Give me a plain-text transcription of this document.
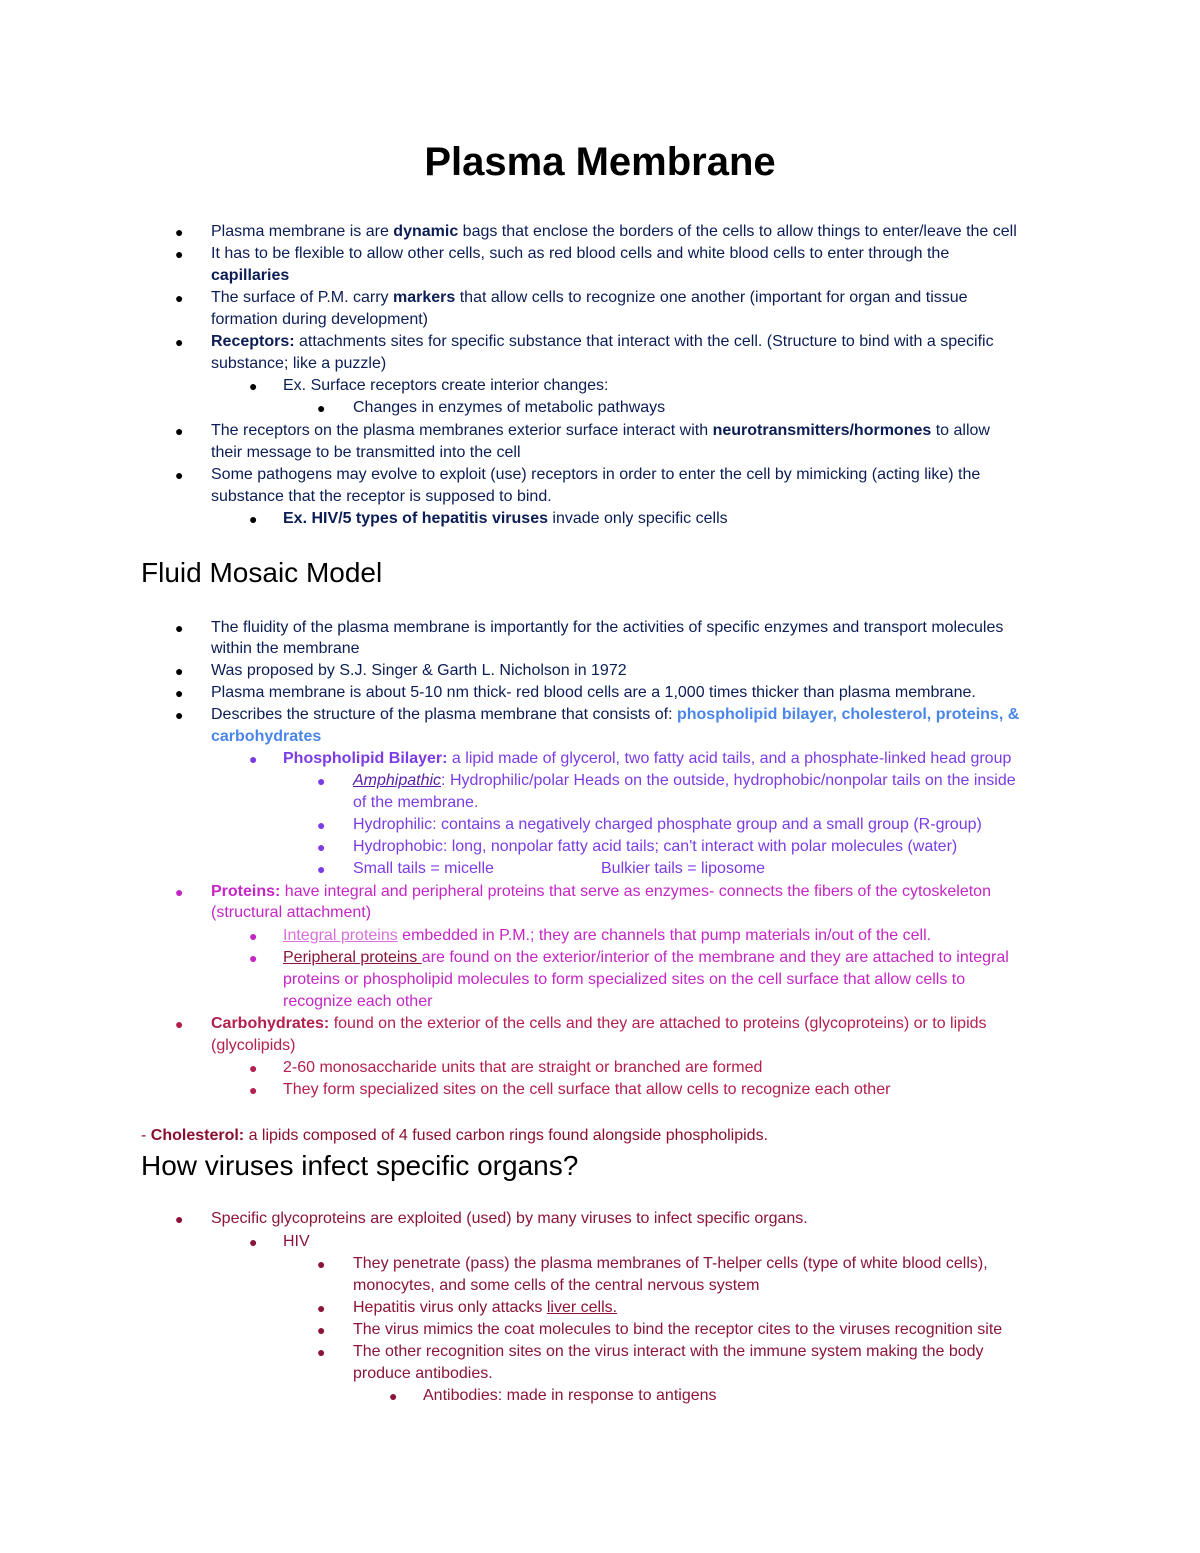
Plasma Membrane
● Plasma membrane is are dynamic bags that enclose the borders of the cells to allow things to enter/leave the cell
● It has to be flexible to allow other cells, such as red blood cells and white blood cells to enter through the
capillaries
● The surface of P.M. carry markers that allow cells to recognize one another (important for organ and tissue
formation during development)
● Receptors: attachments sites for specific substance that interact with the cell. (Structure to bind with a specific
substance; like a puzzle)
● Ex. Surface receptors create interior changes:
● Changes in enzymes of metabolic pathways
● The receptors on the plasma membranes exterior surface interact with neurotransmitters/hormones to allow
their message to be transmitted into the cell
● Some pathogens may evolve to exploit (use) receptors in order to enter the cell by mimicking (acting like) the
substance that the receptor is supposed to bind.
● Ex. HIV/5 types of hepatitis viruses invade only specific cells
Fluid Mosaic Model
● The fluidity of the plasma membrane is importantly for the activities of specific enzymes and transport molecules
within the membrane
● Was proposed by S.J. Singer & Garth L. Nicholson in 1972
● Plasma membrane is about 5-10 nm thick- red blood cells are a 1,000 times thicker than plasma membrane.
● Describes the structure of the plasma membrane that consists of: phospholipid bilayer, cholesterol, proteins, &
carbohydrates
● Phospholipid Bilayer: a lipid made of glycerol, two fatty acid tails, and a phosphate-linked head group
● Amphipathic: Hydrophilic/polar Heads on the outside, hydrophobic/nonpolar tails on the inside
of the membrane.
● Hydrophilic: contains a negatively charged phosphate group and a small group (R-group)
● Hydrophobic: long, nonpolar fatty acid tails; can't interact with polar molecules (water)
● Small tails = micelle	Bulkier tails = liposome
● Proteins: have integral and peripheral proteins that serve as enzymes- connects the fibers of the cytoskeleton
(structural attachment)
● Integral proteins embedded in P.M.; they are channels that pump materials in/out of the cell.
● Peripheral proteins are found on the exterior/interior of the membrane and they are attached to integral
proteins or phospholipid molecules to form specialized sites on the cell surface that allow cells to
recognize each other
● Carbohydrates: found on the exterior of the cells and they are attached to proteins (glycoproteins) or to lipids
(glycolipids)
● 2-60 monosaccharide units that are straight or branched are formed
● They form specialized sites on the cell surface that allow cells to recognize each other
- Cholesterol: a lipids composed of 4 fused carbon rings found alongside phospholipids.
How viruses infect specific organs?
● Specific glycoproteins are exploited (used) by many viruses to infect specific organs.
● HIV
● They penetrate (pass) the plasma membranes of T-helper cells (type of white blood cells),
monocytes, and some cells of the central nervous system
● Hepatitis virus only attacks liver cells.
● The virus mimics the coat molecules to bind the receptor cites to the viruses recognition site
● The other recognition sites on the virus interact with the immune system making the body
produce antibodies.
● Antibodies: made in response to antigens
